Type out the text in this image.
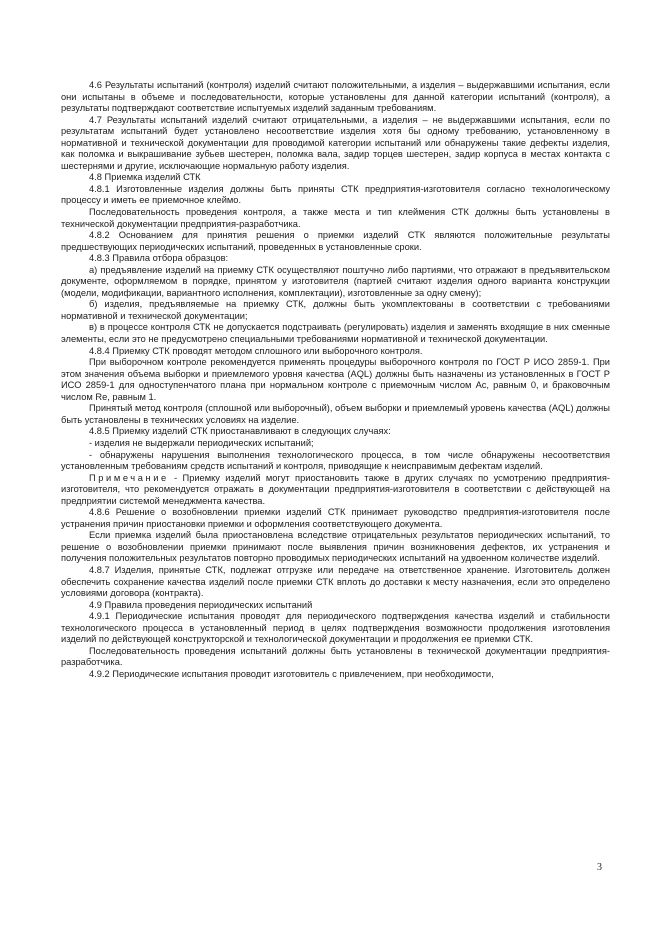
4.6 Результаты испытаний (контроля) изделий считают положительными, а изделия – выдержавшими испытания, если они испытаны в объеме и последовательности, которые установлены для данной категории испытаний (контроля), а результаты подтверждают соответствие испытуемых изделий заданным требованиям.

4.7 Результаты испытаний изделий считают отрицательными, а изделия – не выдержавшими испытания, если по результатам испытаний будет установлено несоответствие изделия хотя бы одному требованию, установленному в нормативной и технической документации для проводимой категории испытаний или обнаружены такие дефекты изделия, как поломка и выкрашивание зубьев шестерен, поломка вала, задир торцев шестерен, задир корпуса в местах контакта с шестернями и другие, исключающие нормальную работу изделия.

4.8 Приемка изделий СТК

4.8.1 Изготовленные изделия должны быть приняты СТК предприятия-изготовителя согласно технологическому процессу и иметь ее приемочное клеймо.

Последовательность проведения контроля, а также места и тип клеймения СТК должны быть установлены в технической документации предприятия-разработчика.

4.8.2 Основанием для принятия решения о приемки изделий СТК являются положительные результаты предшествующих периодических испытаний, проведенных в установленные сроки.

4.8.3 Правила отбора образцов:

а) предъявление изделий на приемку СТК осуществляют поштучно либо партиями, что отражают в предъявительском документе, оформляемом в порядке, принятом у изготовителя (партией считают изделия одного варианта конструкции (модели, модификации, вариантного исполнения, комплектации), изготовленные за одну смену);

б) изделия, предъявляемые на приемку СТК, должны быть укомплектованы в соответствии с требованиями нормативной и технической документации;

в) в процессе контроля СТК не допускается подстраивать (регулировать) изделия и заменять входящие в них сменные элементы, если это не предусмотрено специальными требованиями нормативной и технической документации.

4.8.4 Приемку СТК проводят методом сплошного или выборочного контроля.

При выборочном контроле рекомендуется применять процедуры выборочного контроля по ГОСТ Р ИСО 2859-1. При этом значения объема выборки и приемлемого уровня качества (AQL) должны быть назначены из установленных в ГОСТ Р ИСО 2859-1 для одноступенчатого плана при нормальном контроле с приемочным числом Ac, равным 0, и браковочным числом Re, равным 1.

Принятый метод контроля (сплошной или выборочный), объем выборки и приемлемый уровень качества (AQL) должны быть установлены в технических условиях на изделие.

4.8.5 Приемку изделий СТК приостанавливают в следующих случаях:

- изделия не выдержали периодических испытаний;

- обнаружены нарушения выполнения технологического процесса, в том числе обнаружены несоответствия установленным требованиям средств испытаний и контроля, приводящие к неисправимым дефектам изделий.

Примечание - Приемку изделий могут приостановить также в других случаях по усмотрению предприятия-изготовителя, что рекомендуется отражать в документации предприятия-изготовителя в соответствии с действующей на предприятии системой менеджмента качества.

4.8.6 Решение о возобновлении приемки изделий СТК принимает руководство предприятия-изготовителя после устранения причин приостановки приемки и оформления соответствующего документа.

Если приемка изделий была приостановлена вследствие отрицательных результатов периодических испытаний, то решение о возобновлении приемки принимают после выявления причин возникновения дефектов, их устранения и получения положительных результатов повторно проводимых периодических испытаний на удвоенном количестве изделий.

4.8.7 Изделия, принятые СТК, подлежат отгрузке или передаче на ответственное хранение. Изготовитель должен обеспечить сохранение качества изделий после приемки СТК вплоть до доставки к месту назначения, если это определено условиями договора (контракта).

4.9 Правила проведения периодических испытаний

4.9.1 Периодические испытания проводят для периодического подтверждения качества изделий и стабильности технологического процесса в установленный период в целях подтверждения возможности продолжения изготовления изделий по действующей конструкторской и технологической документации и продолжения ее приемки СТК.

Последовательность проведения испытаний должны быть установлены в технической документации предприятия-разработчика.

4.9.2 Периодические испытания проводит изготовитель с привлечением, при необходимости,

3
